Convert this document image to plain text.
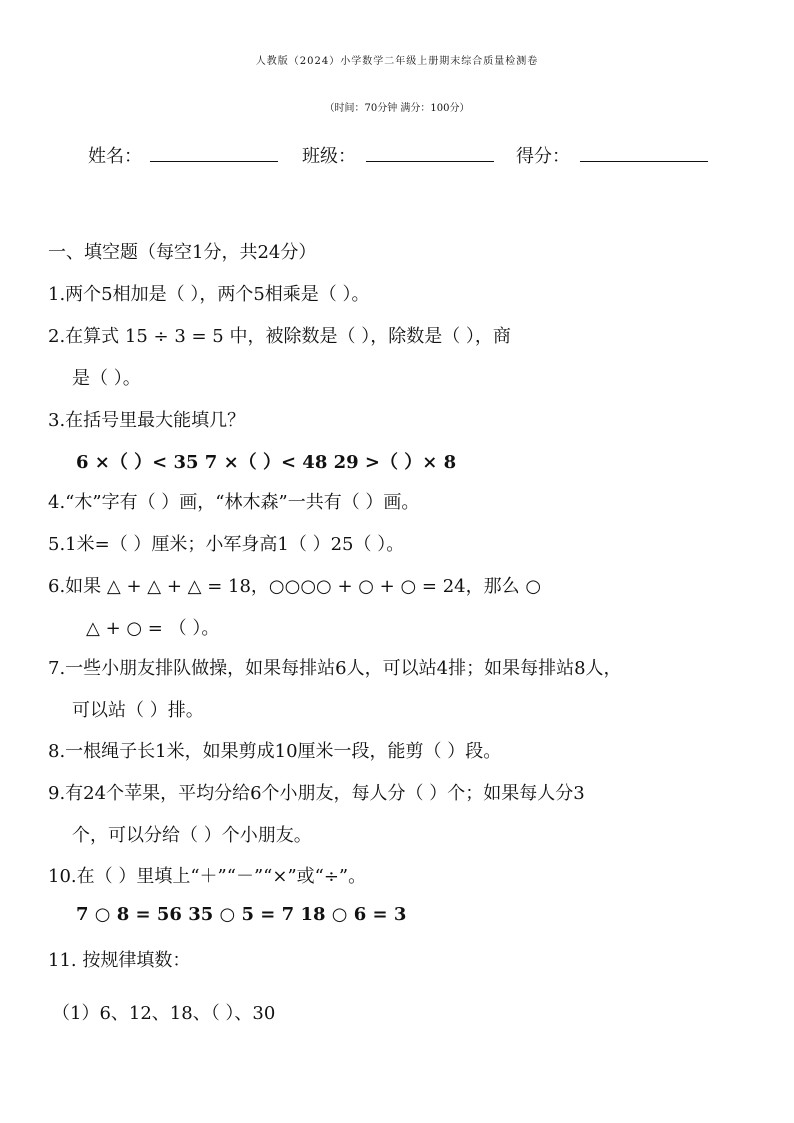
人教版（2024）小学数学二年级上册期末综合质量检测卷
（时间：70分钟 满分：100分）
姓名：	班级：	得分：
一、填空题（每空1分，共24分）
1.两个5相加是（ ），两个5相乘是（ ）。
2.在算式 15 ÷ 3 = 5 中，被除数是（ ），除数是（ ），商
是（ ）。
3.在括号里最大能填几？
6 ×（ ）< 35 7 ×（ ）< 48 29 >（ ）× 8
4.“木”字有（ ）画，“林木森”一共有（ ）画。
5.1米=（ ）厘米；小军身高1（ ）25（ ）。
6.如果 △ + △ + △ = 18，○○○○ + ○ + ○ = 24，那么 ○
△ + ○ = （ ）。
7.一些小朋友排队做操，如果每排站6人，可以站4排；如果每排站8人，
可以站（ ）排。
8.一根绳子长1米，如果剪成10厘米一段，能剪（ ）段。
9.有24个苹果，平均分给6个小朋友，每人分（ ）个；如果每人分3
个，可以分给（ ）个小朋友。
10.在（ ）里填上“＋”“－”“×”或“÷”。
7 ○ 8 = 56 35 ○ 5 = 7 18 ○ 6 = 3
11. 按规律填数：
（1）6、12、18、（ ）、30
